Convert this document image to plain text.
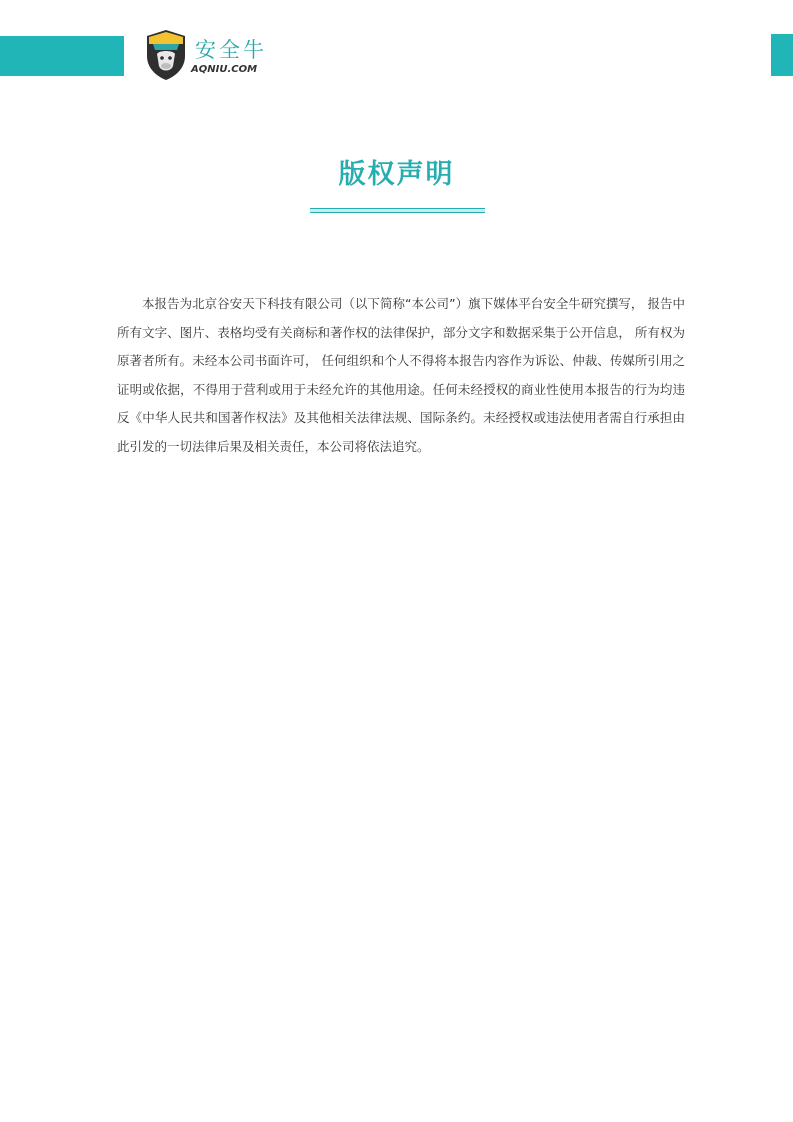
安全牛
AQNIU.COM
版权声明

本报告为北京谷安天下科技有限公司（以下简称“本公司”）旗下媒体平台安全牛研究撰写， 报告中所有文字、图片、表格均受有关商标和著作权的法律保护，部分文字和数据采集于公开信息， 所有权为原著者所有。未经本公司书面许可， 任何组织和个人不得将本报告内容作为诉讼、仲裁、传媒所引用之证明或依据，不得用于营利或用于未经允许的其他用途。任何未经授权的商业性使用本报告的行为均违反《中华人民共和国著作权法》及其他相关法律法规、国际条约。未经授权或违法使用者需自行承担由此引发的一切法律后果及相关责任，本公司将依法追究。
